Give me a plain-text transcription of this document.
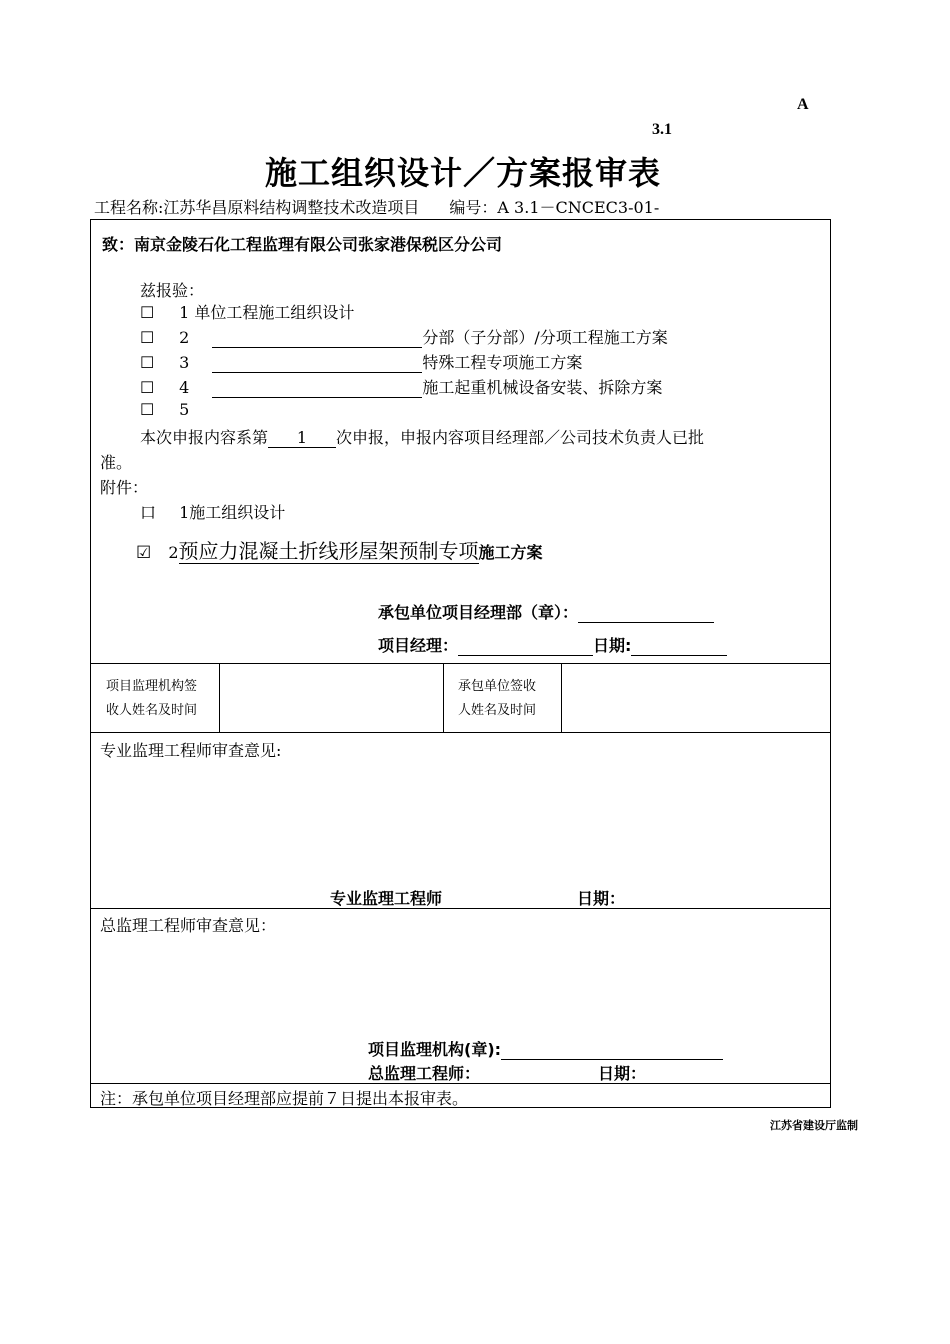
A
3.1
施工组织设计／方案报审表
工程名称:江苏华昌原料结构调整技术改造项目 编号：A 3.1－CNCEC3-01-
致：南京金陵石化工程监理有限公司张家港保税区分公司
兹报验：
☐ 1 单位工程施工组织设计
☐ 2	分部（子分部）/分项工程施工方案
☐ 3	特殊工程专项施工方案
☐ 4	施工起重机械设备安装、拆除方案
☐ 5
本次申报内容系第 1 次申报，申报内容项目经理部／公司技术负责人已批
准。
附件：
口 1施工组织设计
☑ 2预应力混凝土折线形屋架预制专项施工方案
承包单位项目经理部（章）：
项目经理：	日期:
项目监理机构签
收人姓名及时间
承包单位签收
人姓名及时间
专业监理工程师审查意见:
专业监理工程师	日期：
总监理工程师审查意见：
项目监理机构(章):
总监理工程师：	日期：
注：承包单位项目经理部应提前７日提出本报审表。
江苏省建设厅监制
